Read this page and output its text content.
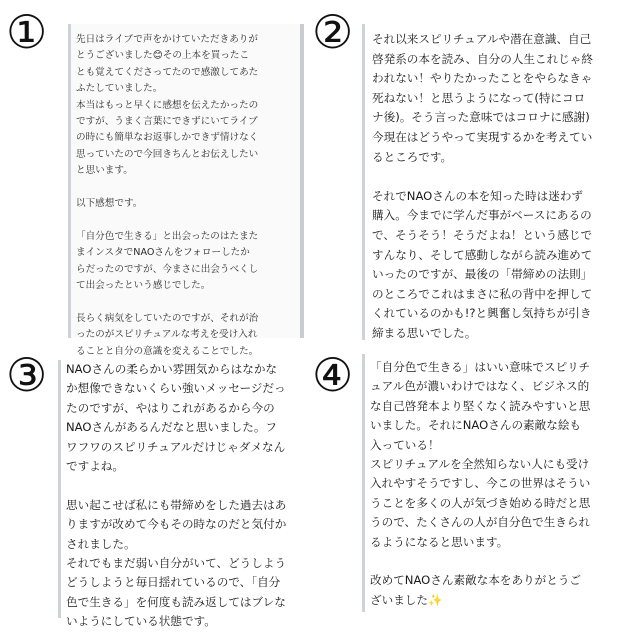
①	先日はライブで声をかけていただきありが
とうございました😊その上本を買ったこ
とも覚えてくださってたので感激してあた
ふたしていました。
本当はもっと早くに感想を伝えたかったの
ですが、うまく言葉にできずにいてライブ
の時にも簡単なお返事しかできず情けなく
思っていたので今回きちんとお伝えしたい
と思います。
以下感想です。
「自分色で生きる」と出会ったのはたまた
まインスタでNAOさんをフォローしたか
らだったのですが、今まさに出会うべくし
て出会ったという感じでした。
長らく病気をしていたのですが、それが治
ったのがスピリチュアルな考えを受け入れ
ることと自分の意識を変えることでした。
② それ以来スピリチュアルや潜在意識、自己
啓発系の本を読み、自分の人生これじゃ終
われない！やりたかったことをやらなきゃ
死ねない！と思うようになって(特にコロ
ナ後)。そう言った意味ではコロナに感謝)
今現在はどうやって実現するかを考えてい
るところです。
それでNAOさんの本を知った時は迷わず
購入。今までに学んだ事がベースにあるの
で、そうそう！そうだよね！という感じで
すんなり、そして感動しながら読み進めて
いったのですが、最後の「帯締めの法則」
のところでこれはまさに私の背中を押して
くれているのかも!?と興奮し気持ちが引き
締まる思いでした。
③ NAOさんの柔らかい雰囲気からはなかな
か想像できないくらい強いメッセージだっ
たのですが、やはりこれがあるから今の
NAOさんがあるんだなと思いました。フ
ワフワのスピリチュアルだけじゃダメなん
ですよね。
思い起こせば私にも帯締めをした過去はあ
りますが改めて今もその時なのだと気付か
されました。
それでもまだ弱い自分がいて、どうしよう
どうしようと毎日揺れているので、「自分
色で生きる」を何度も読み返してはブレな
いようにしている状態です。
④ 「自分色で生きる」はいい意味でスピリチ
ュアル色が濃いわけではなく、ビジネス的
な自己啓発本より堅くなく読みやすいと思
いました。それにNAOさんの素敵な絵も
入っている！
スピリチュアルを全然知らない人にも受け
入れやすそうですし、今この世界はそうい
うことを多くの人が気づき始める時だと思
うので、たくさんの人が自分色で生きられ
るようになると思います。
改めてNAOさん素敵な本をありがとうご
ざいました✨
